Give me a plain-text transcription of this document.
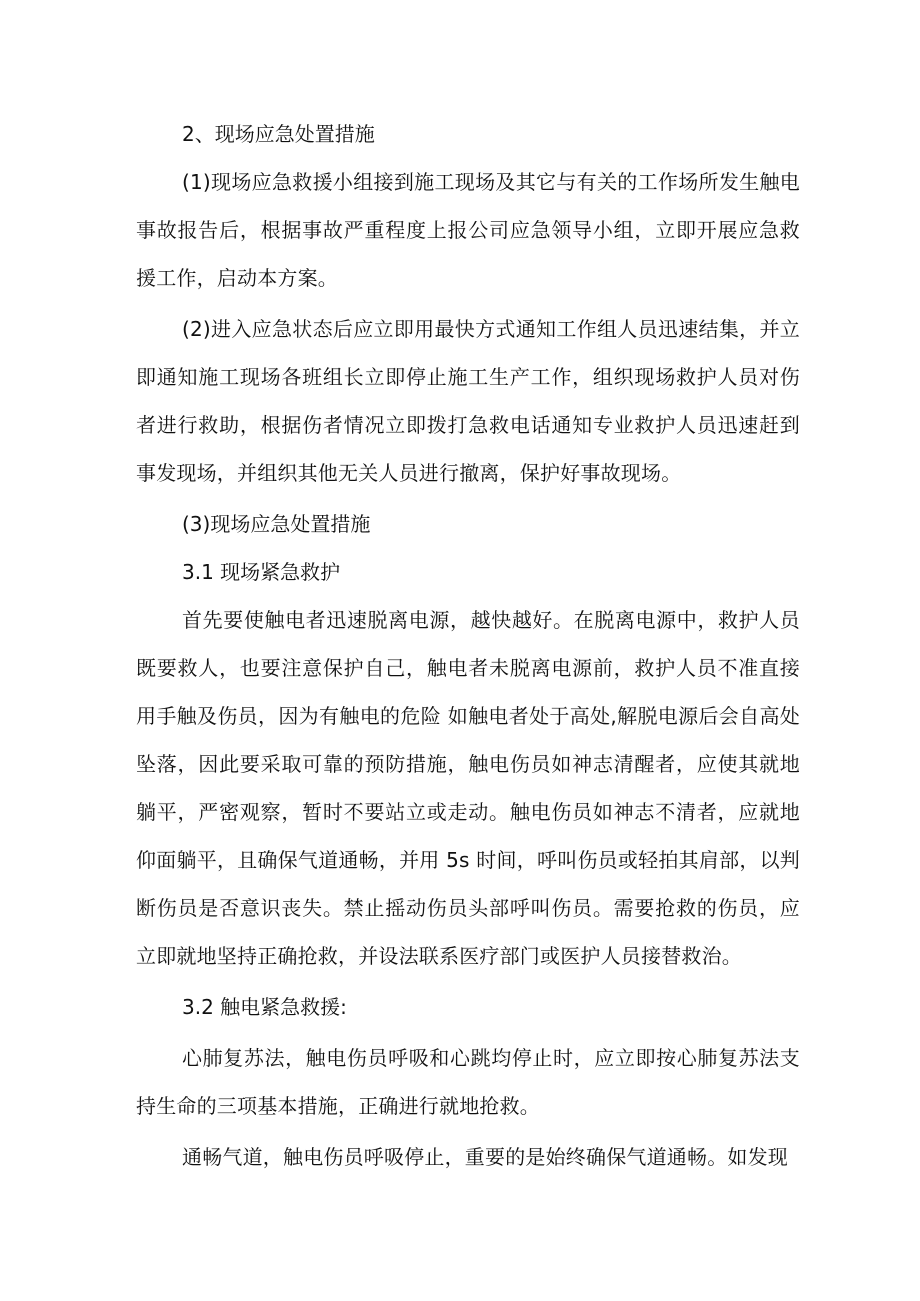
2、现场应急处置措施

(1)现场应急救援小组接到施工现场及其它与有关的工作场所发生触电事故报告后，根据事故严重程度上报公司应急领导小组，立即开展应急救援工作，启动本方案。

(2)进入应急状态后应立即用最快方式通知工作组人员迅速结集，并立即通知施工现场各班组长立即停止施工生产工作，组织现场救护人员对伤者进行救助，根据伤者情况立即拨打急救电话通知专业救护人员迅速赶到事发现场，并组织其他无关人员进行撤离，保护好事故现场。

(3)现场应急处置措施

3.1 现场紧急救护

首先要使触电者迅速脱离电源，越快越好。在脱离电源中，救护人员既要救人，也要注意保护自己，触电者未脱离电源前，救护人员不准直接用手触及伤员，因为有触电的危险 如触电者处于高处,解脱电源后会自高处坠落，因此要采取可靠的预防措施，触电伤员如神志清醒者，应使其就地躺平，严密观察，暂时不要站立或走动。触电伤员如神志不清者，应就地仰面躺平，且确保气道通畅，并用 5s 时间，呼叫伤员或轻拍其肩部，以判断伤员是否意识丧失。禁止摇动伤员头部呼叫伤员。需要抢救的伤员，应立即就地坚持正确抢救，并设法联系医疗部门或医护人员接替救治。

3.2 触电紧急救援:

心肺复苏法，触电伤员呼吸和心跳均停止时，应立即按心肺复苏法支持生命的三项基本措施，正确进行就地抢救。

通畅气道，触电伤员呼吸停止，重要的是始终确保气道通畅。如发现
